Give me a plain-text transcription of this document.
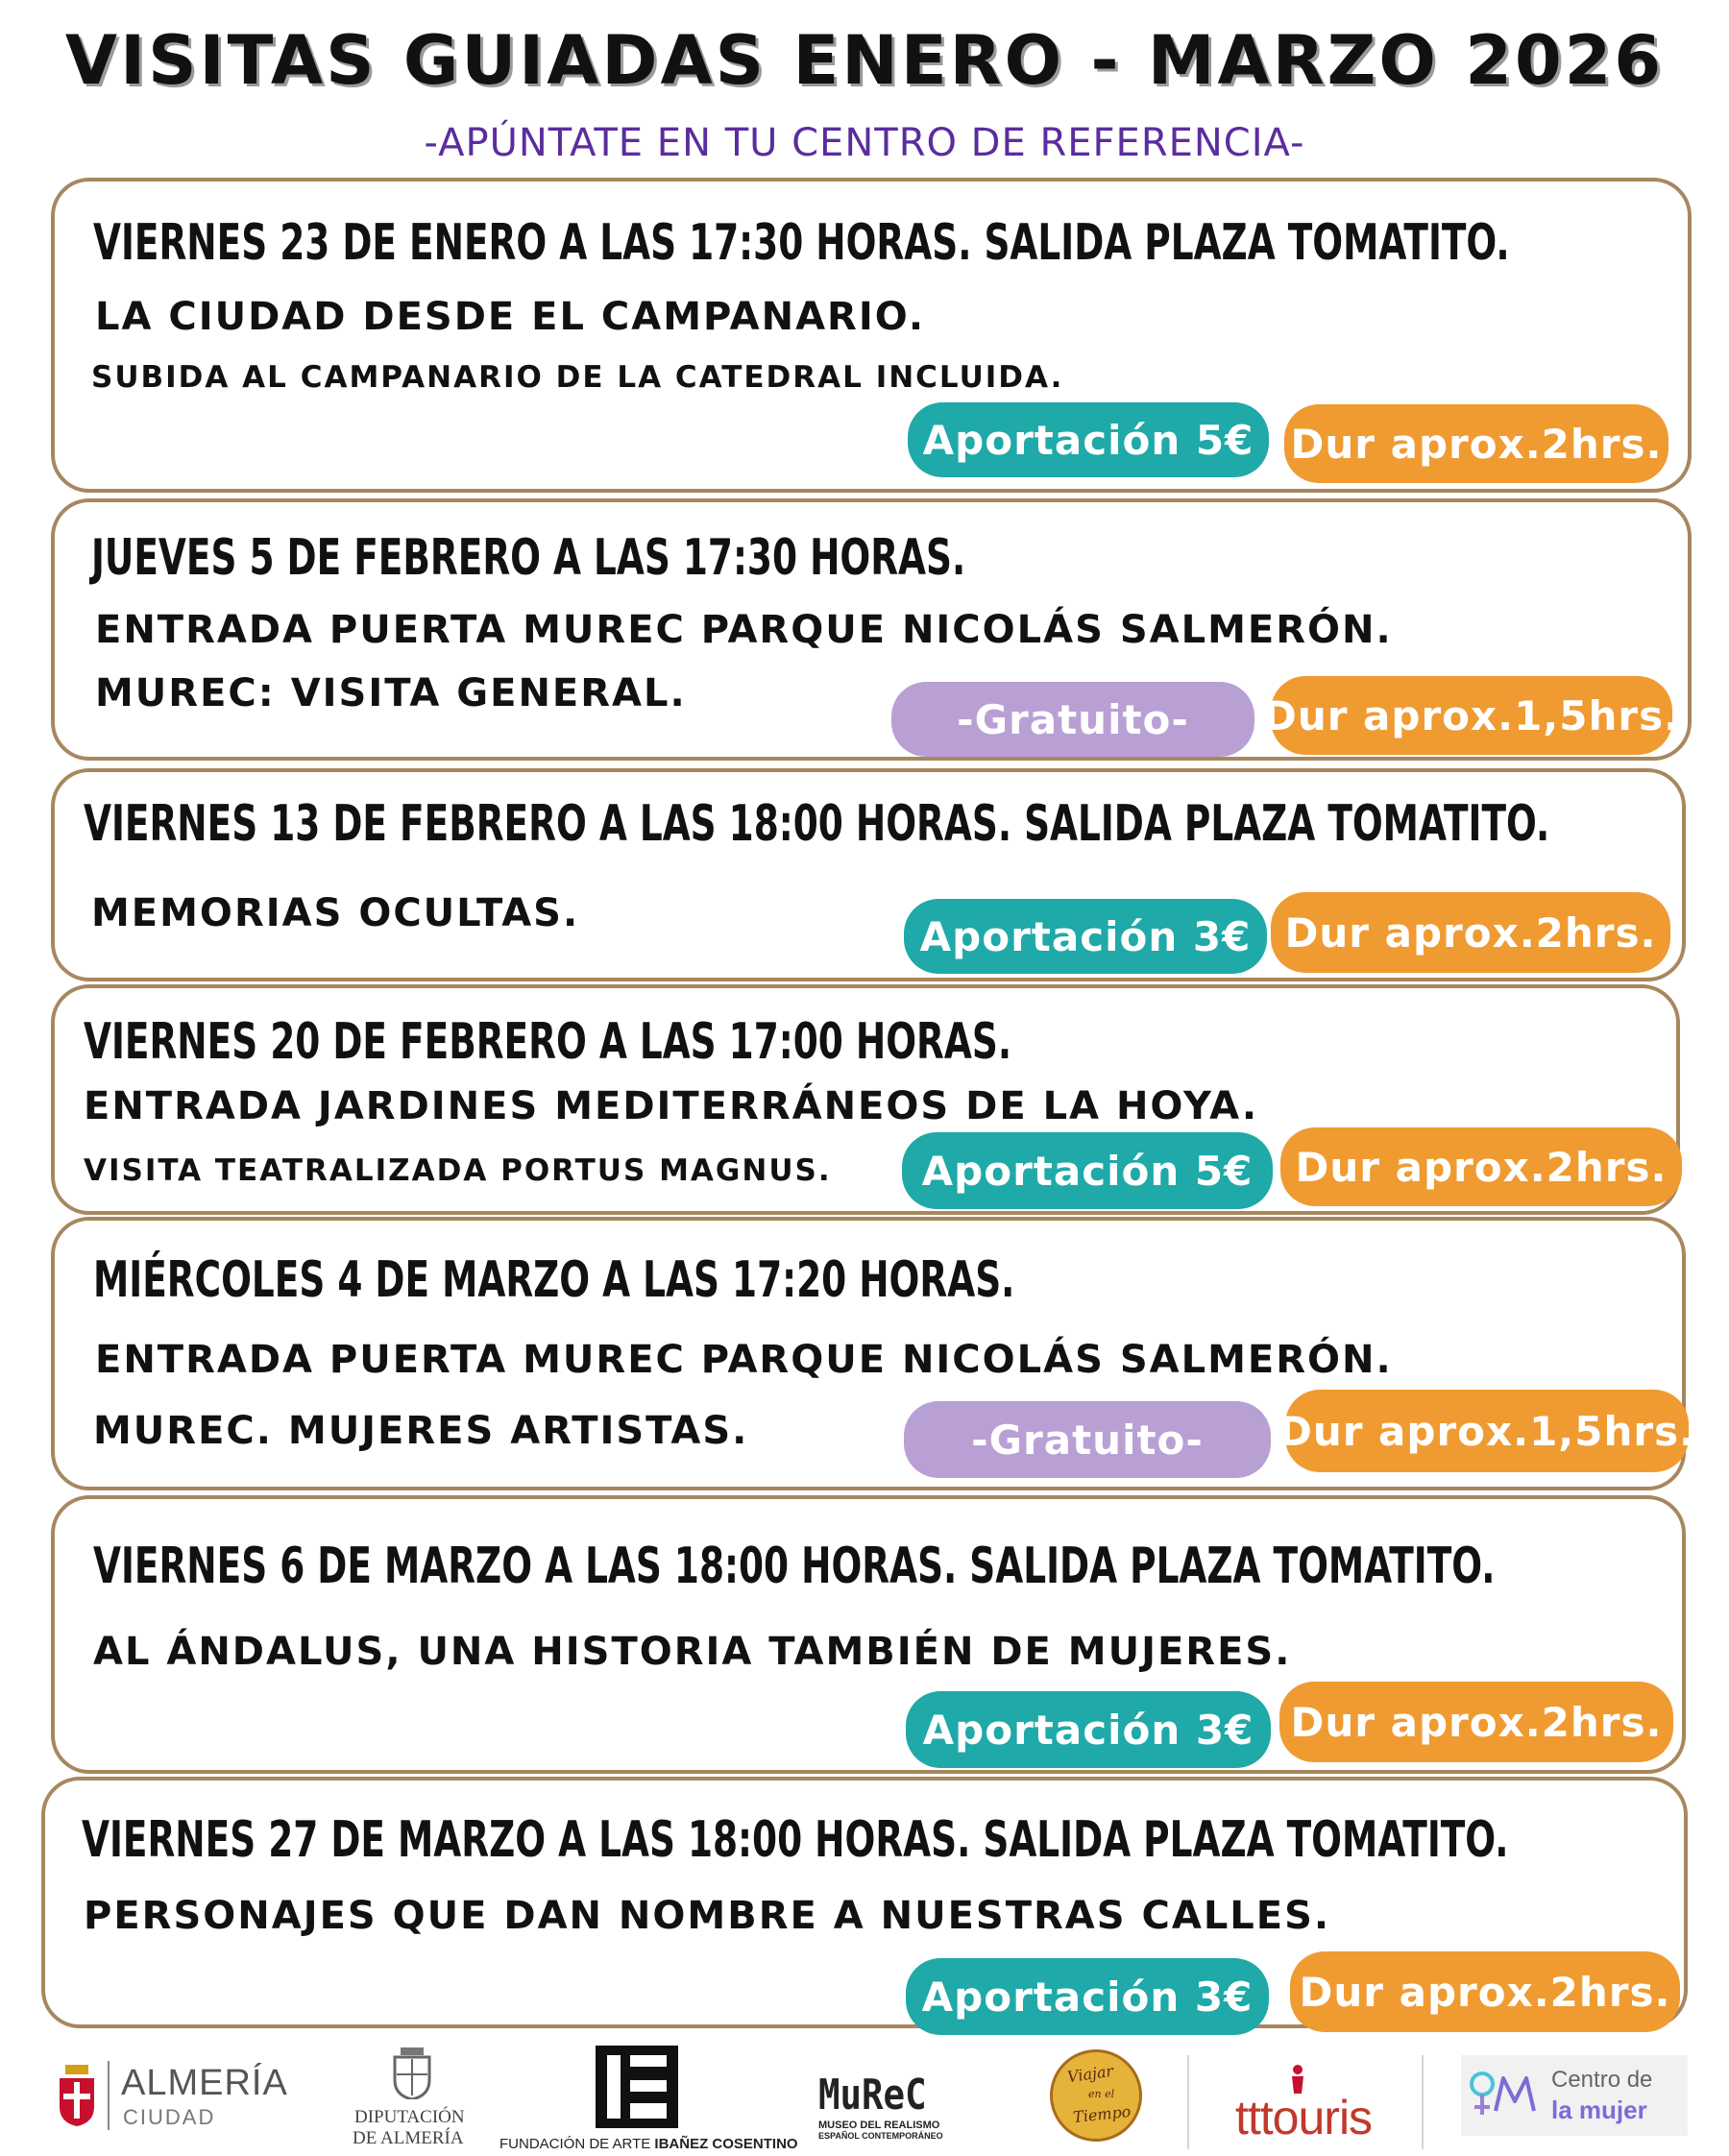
VISITAS GUIADAS ENERO - MARZO 2026
-APÚNTATE EN TU CENTRO DE REFERENCIA-
VIERNES 23 DE ENERO A LAS 17:30 HORAS. SALIDA PLAZA TOMATITO.
LA CIUDAD DESDE EL CAMPANARIO.
SUBIDA AL CAMPANARIO DE LA CATEDRAL INCLUIDA.
Aportación 5€ Dur aprox.2hrs.
JUEVES 5 DE FEBRERO A LAS 17:30 HORAS.
ENTRADA PUERTA MUREC PARQUE NICOLÁS SALMERÓN.
MUREC: VISITA GENERAL.
-Gratuito-	Dur aprox.1,5hrs.
VIERNES 13 DE FEBRERO A LAS 18:00 HORAS. SALIDA PLAZA TOMATITO.
MEMORIAS OCULTAS.	Aportación 3€ Dur aprox.2hrs.
VIERNES 20 DE FEBRERO A LAS 17:00 HORAS.
ENTRADA JARDINES MEDITERRÁNEOS DE LA HOYA.
VISITA TEATRALIZADA PORTUS MAGNUS.	Aportación 5€	Dur aprox.2hrs.
MIÉRCOLES 4 DE MARZO A LAS 17:20 HORAS.
ENTRADA PUERTA MUREC PARQUE NICOLÁS SALMERÓN.
MUREC. MUJERES ARTISTAS.	-Gratuito-	Dur aprox.1,5hrs.
VIERNES 6 DE MARZO A LAS 18:00 HORAS. SALIDA PLAZA TOMATITO.
AL ÁNDALUS, UNA HISTORIA TAMBIÉN DE MUJERES.
Aportación 3€ Dur aprox.2hrs.
VIERNES 27 DE MARZO A LAS 18:00 HORAS. SALIDA PLAZA TOMATITO.
PERSONAJES QUE DAN NOMBRE A NUESTRAS CALLES.
Aportación 3€	Dur aprox.2hrs.
ALMERÍA
CIUDAD	DIPUTACIÓN
DE ALMERÍA FUNDACIÓN DE ARTE IBAÑEZ COSENTINO
MuReC
MUSEO DEL REALISMO
ESPAÑOL CONTEMPORÁNEO
Viajar
en el
Tiempo tttouris
Centro de
la mujer
